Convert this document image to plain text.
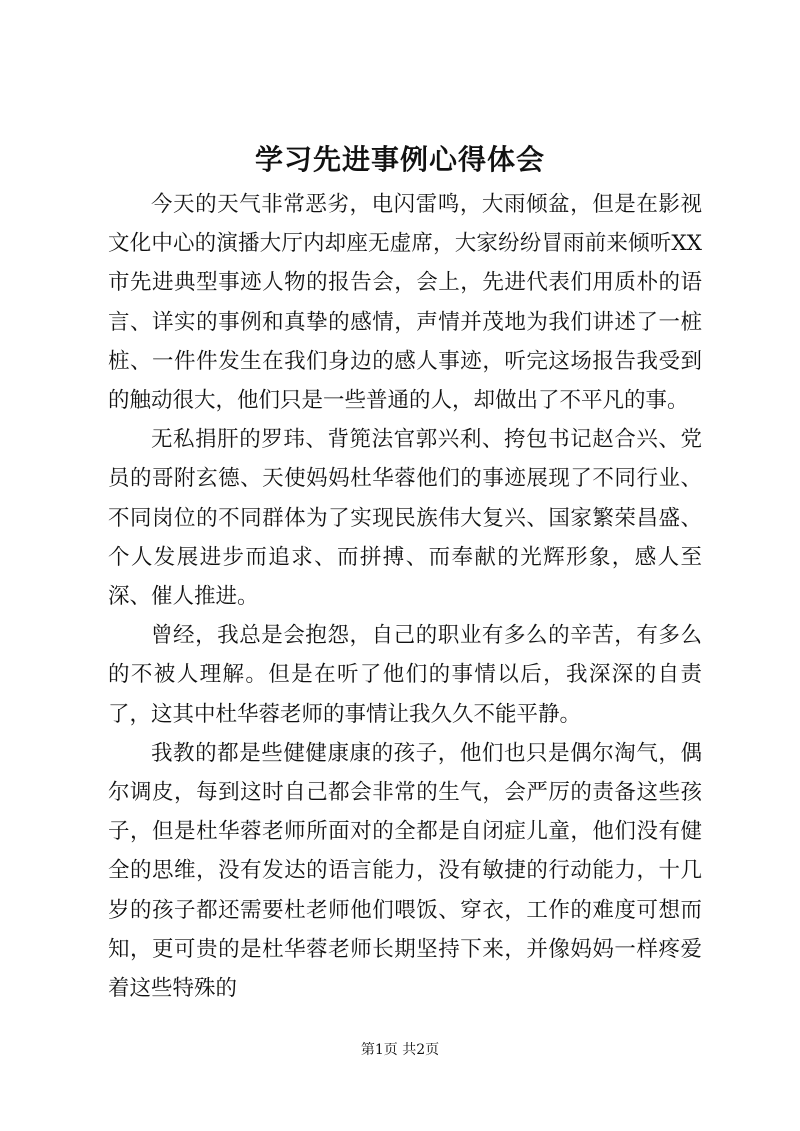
学习先进事例心得体会

今天的天气非常恶劣，电闪雷鸣，大雨倾盆，但是在影视文化中心的演播大厅内却座无虚席，大家纷纷冒雨前来倾听XX市先进典型事迹人物的报告会，会上，先进代表们用质朴的语言、详实的事例和真挚的感情，声情并茂地为我们讲述了一桩桩、一件件发生在我们身边的感人事迹，听完这场报告我受到的触动很大，他们只是一些普通的人，却做出了不平凡的事。

无私捐肝的罗玮、背篼法官郭兴利、挎包书记赵合兴、党员的哥附玄德、天使妈妈杜华蓉他们的事迹展现了不同行业、不同岗位的不同群体为了实现民族伟大复兴、国家繁荣昌盛、个人发展进步而追求、而拼搏、而奉献的光辉形象，感人至深、催人推进。

曾经，我总是会抱怨，自己的职业有多么的辛苦，有多么的不被人理解。但是在听了他们的事情以后，我深深的自责了，这其中杜华蓉老师的事情让我久久不能平静。

我教的都是些健健康康的孩子，他们也只是偶尔淘气，偶尔调皮，每到这时自己都会非常的生气，会严厉的责备这些孩子，但是杜华蓉老师所面对的全都是自闭症儿童，他们没有健全的思维，没有发达的语言能力，没有敏捷的行动能力，十几岁的孩子都还需要杜老师他们喂饭、穿衣，工作的难度可想而知，更可贵的是杜华蓉老师长期坚持下来，并像妈妈一样疼爱着这些特殊的

第1页 共2页
